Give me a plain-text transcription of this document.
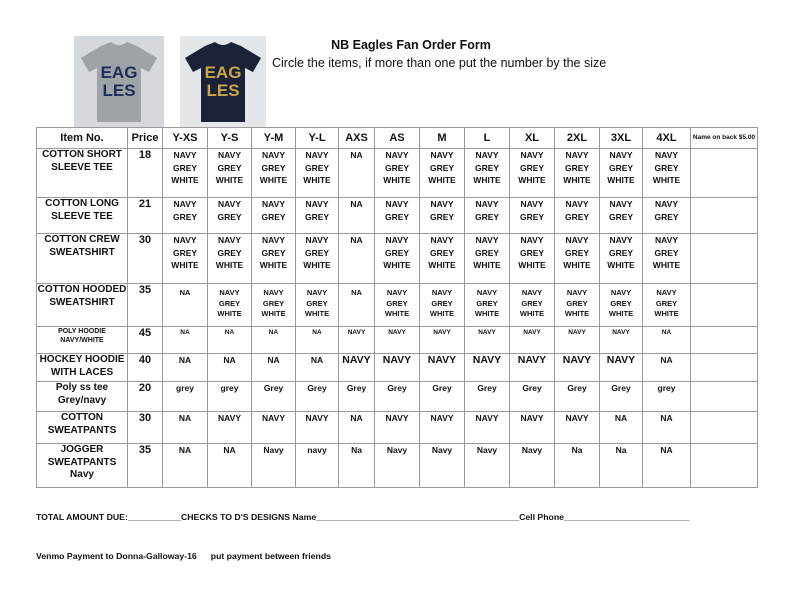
EAG
LES
EAG
LES
NB Eagles Fan Order Form
Circle the items, if more than one put the number by the size
Item No.	Price	Y-XS	Y-S	Y-M	Y-L	AXS	AS	M	L	XL	2XL	3XL	4XL	Name on back $5.00
COTTON SHORT SLEEVE TEE	18	NAVY
GREY
WHITE	NAVY
GREY
WHITE	NAVY
GREY
WHITE	NAVY
GREY
WHITE	NA	NAVY
GREY
WHITE	NAVY
GREY
WHITE	NAVY
GREY
WHITE	NAVY
GREY
WHITE	NAVY
GREY
WHITE	NAVY
GREY
WHITE	NAVY
GREY
WHITE	

COTTON LONG SLEEVE TEE	21	NAVY
GREY	NAVY
GREY	NAVY
GREY	NAVY
GREY	NA	NAVY
GREY	NAVY
GREY	NAVY
GREY	NAVY
GREY	NAVY
GREY	NAVY
GREY	NAVY
GREY	

COTTON CREW SWEATSHIRT	30	NAVY
GREY
WHITE	NAVY
GREY
WHITE	NAVY
GREY
WHITE	NAVY
GREY
WHITE	NA	NAVY
GREY
WHITE	NAVY
GREY
WHITE	NAVY
GREY
WHITE	NAVY
GREY
WHITE	NAVY
GREY
WHITE	NAVY
GREY
WHITE	NAVY
GREY
WHITE	

COTTON HOODED SWEATSHIRT	35	NA	NAVY
GREY
WHITE	NAVY
GREY
WHITE	NAVY
GREY
WHITE	NA	NAVY
GREY
WHITE	NAVY
GREY
WHITE	NAVY
GREY
WHITE	NAVY
GREY
WHITE	NAVY
GREY
WHITE	NAVY
GREY
WHITE	NAVY
GREY
WHITE	

POLY HOODIE NAVY/WHITE	45	NA	NA	NA	NA	NAVY	NAVY	NAVY	NAVY	NAVY	NAVY	NAVY	NA	
HOCKEY HOODIE WITH LACES	40	NA	NA	NA	NA	NAVY	NAVY	NAVY	NAVY	NAVY	NAVY	NAVY	NA	
Poly ss tee Grey/navy	20	grey	grey	Grey	Grey	Grey	Grey	Grey	Grey	Grey	Grey	Grey	grey	
COTTON SWEATPANTS	30	NA	NAVY	NAVY	NAVY	NA	NAVY	NAVY	NAVY	NAVY	NAVY	NA	NA	
JOGGER SWEATPANTS Navy	35	NA	NA	Navy	navy	Na	Navy	Navy	Navy	Navy	Na	Na	NA	
TOTAL AMOUNT DUE:___________CHECKS TO D'S DESIGNS Name__________________________________________Cell Phone__________________________
Venmo Payment to Donna-Galloway-16 put payment between friends
